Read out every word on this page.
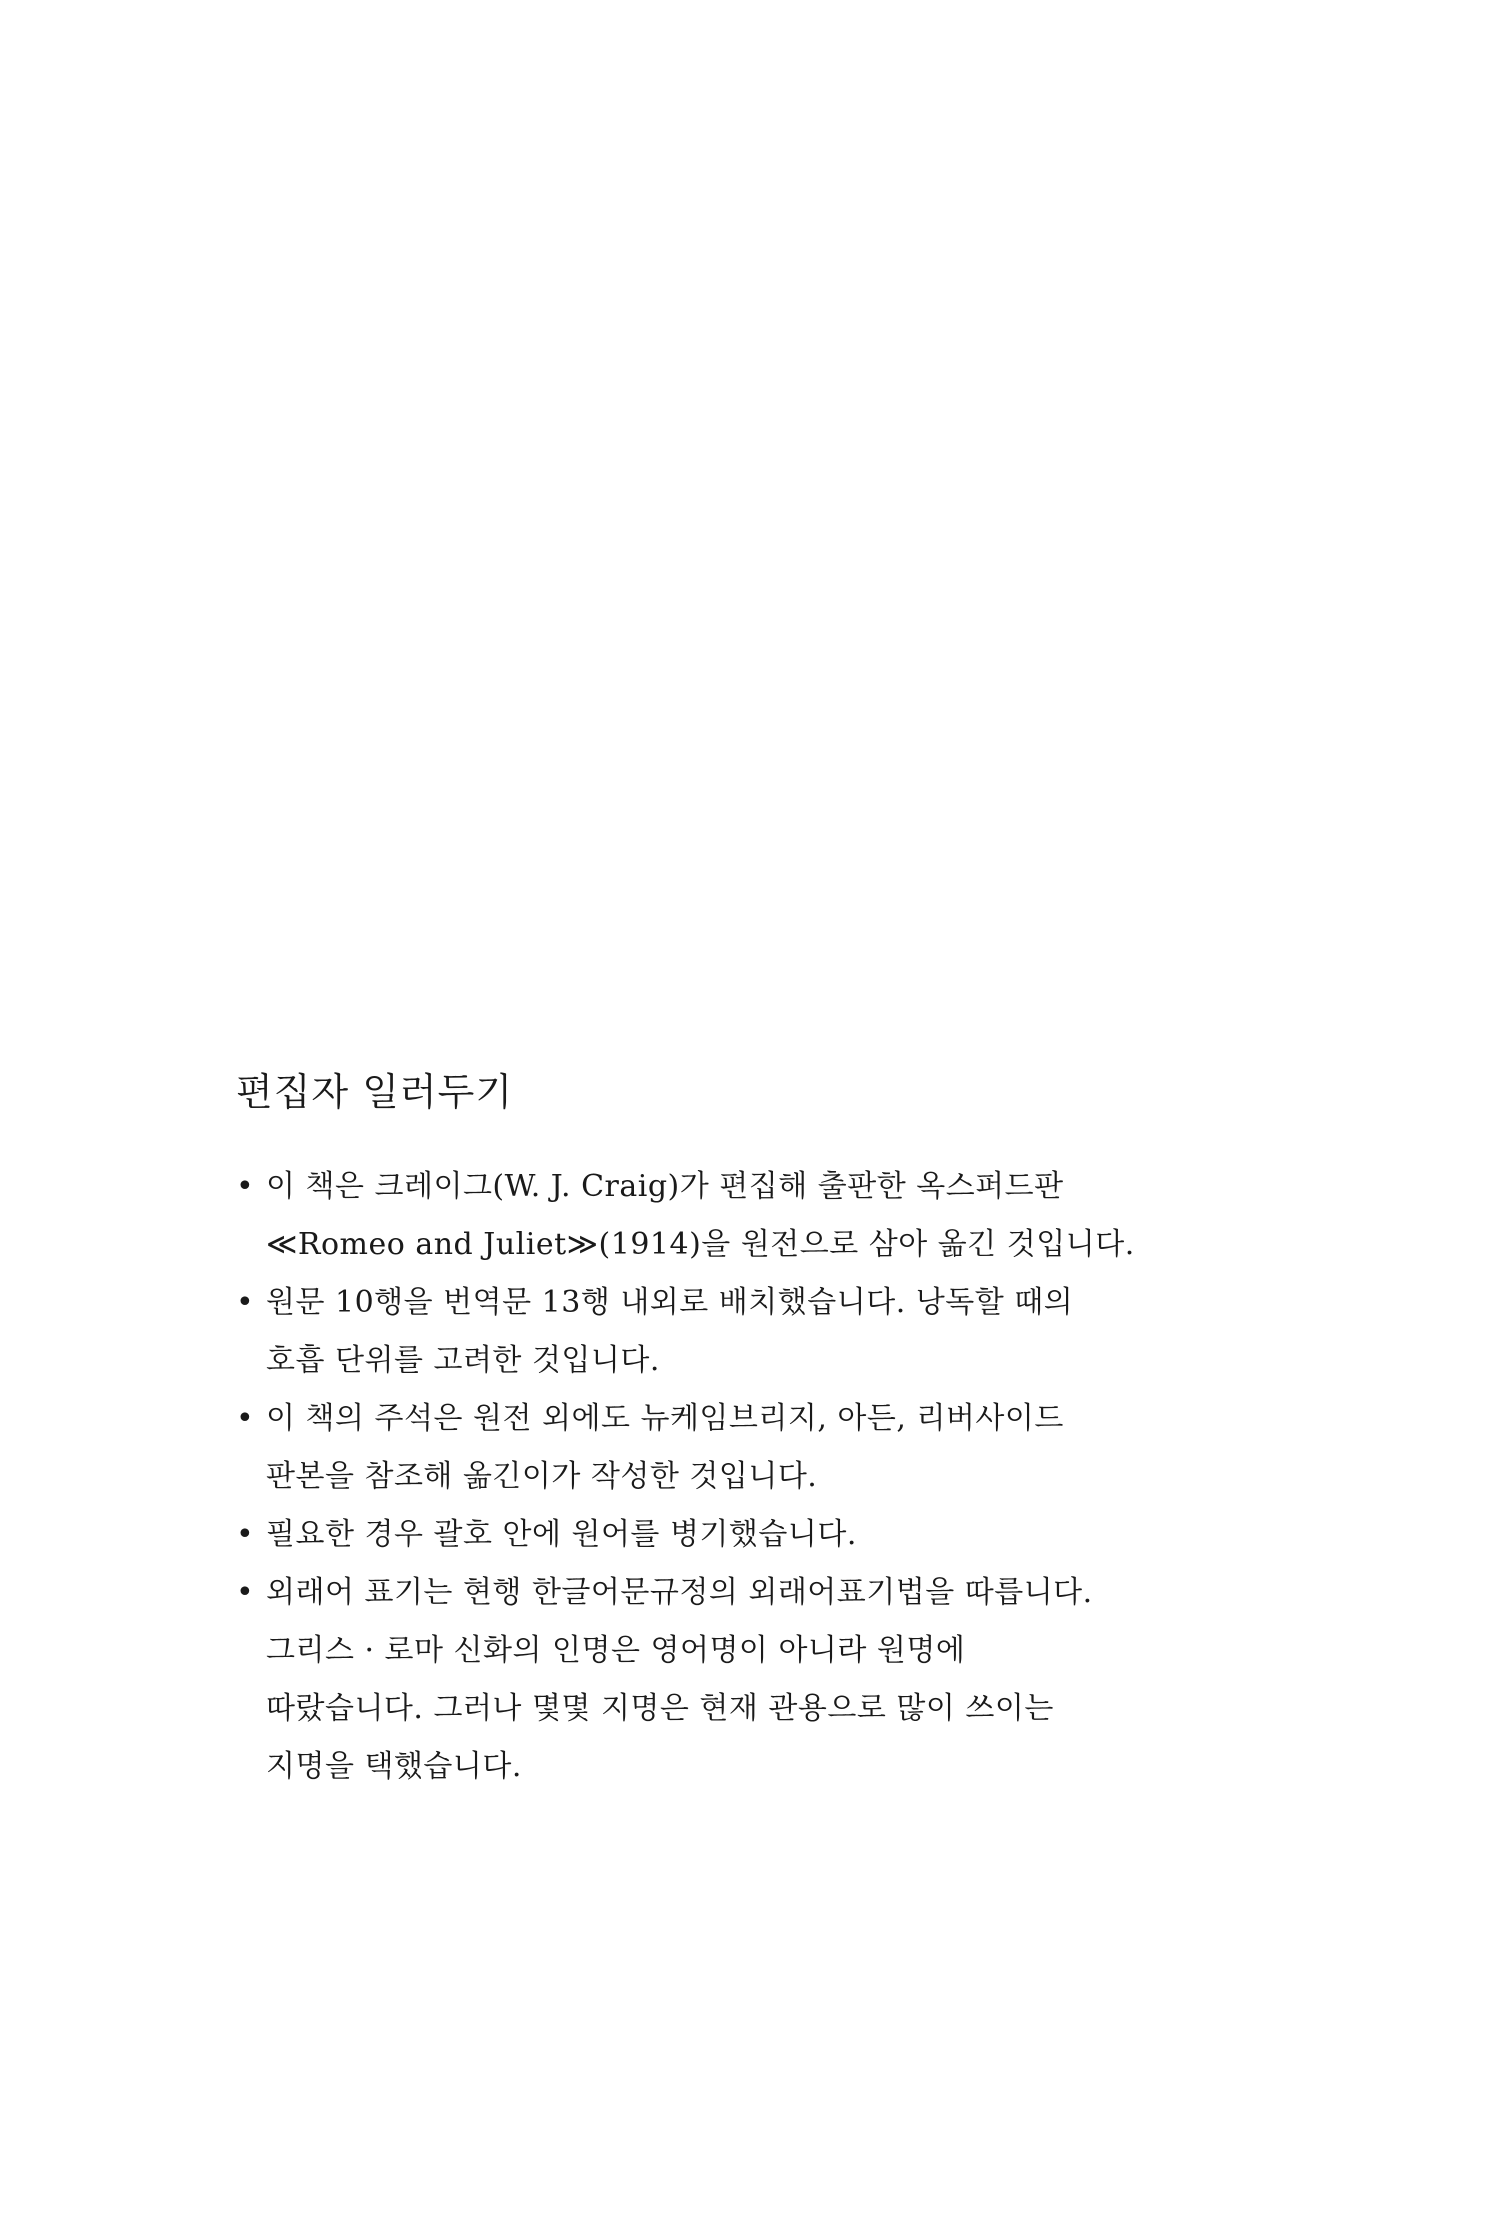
편집자 일러두기
• 이 책은 크레이그(W. J. Craig)가 편집해 출판한 옥스퍼드판
≪Romeo and Juliet≫(1914)을 원전으로 삼아 옮긴 것입니다.
• 원문 10행을 번역문 13행 내외로 배치했습니다. 낭독할 때의
호흡 단위를 고려한 것입니다.
• 이 책의 주석은 원전 외에도 뉴케임브리지, 아든, 리버사이드
판본을 참조해 옮긴이가 작성한 것입니다.
• 필요한 경우 괄호 안에 원어를 병기했습니다.
• 외래어 표기는 현행 한글어문규정의 외래어표기법을 따릅니다.
그리스 · 로마 신화의 인명은 영어명이 아니라 원명에
따랐습니다. 그러나 몇몇 지명은 현재 관용으로 많이 쓰이는
지명을 택했습니다.
